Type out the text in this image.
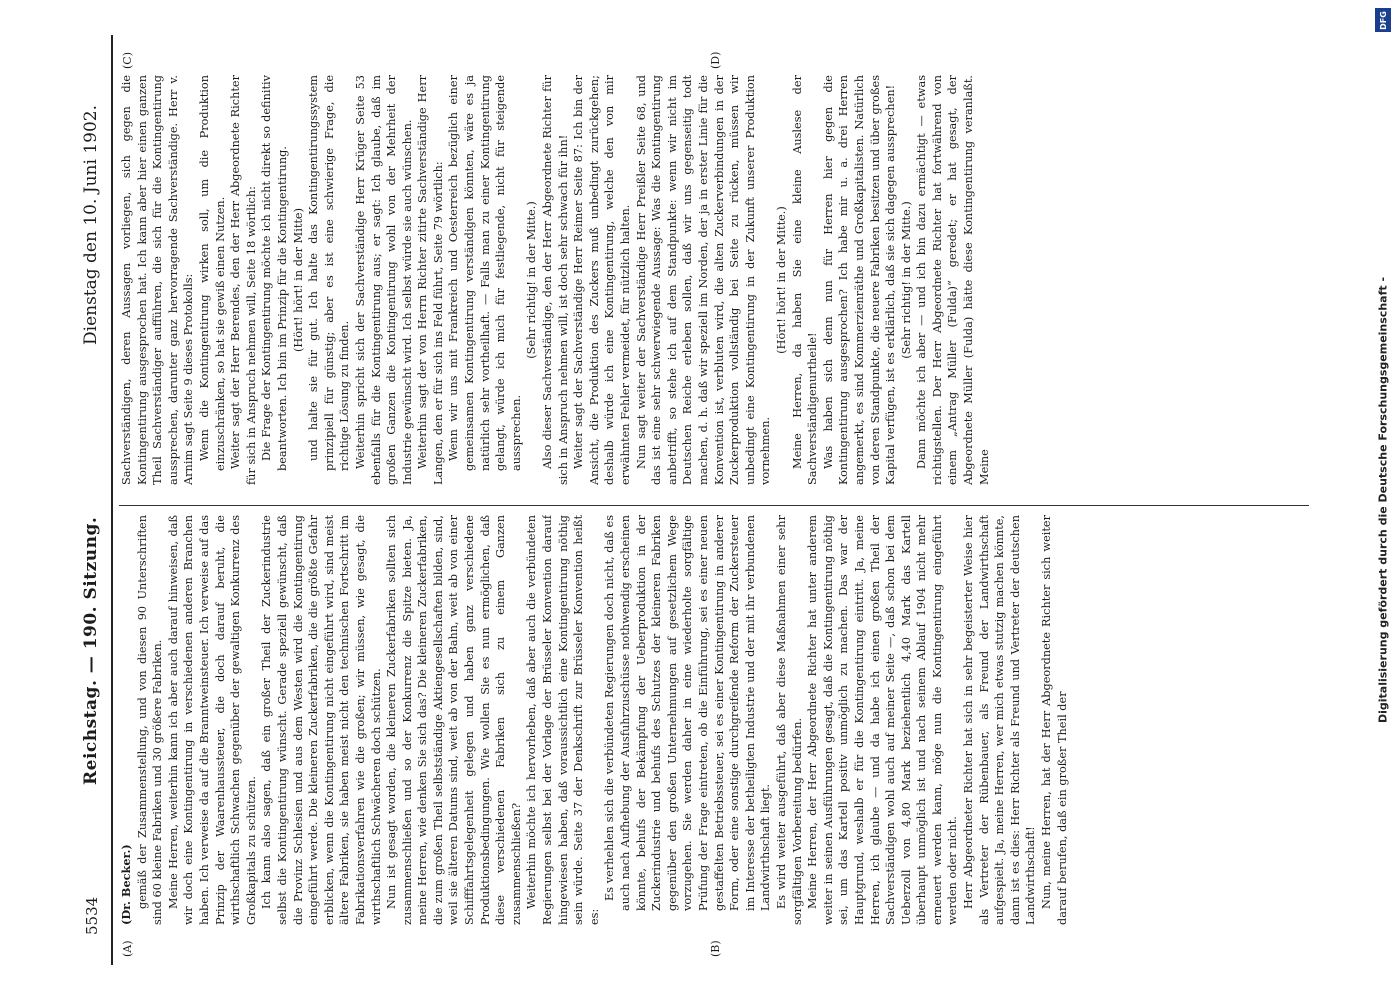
5534
Reichstag. — 190. Sitzung.
Dienstag den 10. Juni 1902.
(A)	(B)
(C)	(D)

(Dr. Becker.) gemäß der Zusammenstellung, und von diesen 90 Unterschriften sind 60 kleine Fabriken und 30 größere Fabriken. Meine Herren, weiterhin kann ich aber auch darauf hinweisen, daß wir doch eine Kontingentirung in verschiedenen anderen Branchen haben. Ich verweise da auf die Branntweinsteuer. Ich verweise auf das Prinzip der Waarenhaussteuer, die doch darauf beruht, die wirthschaftlich Schwachen gegenüber der gewaltigen Konkurrenz des Großkapitals zu schützen. Ich kann also sagen, daß ein großer Theil der Zuckerindustrie selbst die Kontingentirung wünscht. Gerade speziell gewünscht, daß die Provinz Schlesien und aus dem Westen wird die Kontingentirung eingeführt werde. Die kleineren Zuckerfabriken, die die größte Gefahr erblicken, wenn die Kontingentirung nicht eingeführt wird, sind meist ältere Fabriken, sie haben meist nicht den technischen Fortschritt im Fabrikationsverfahren wie die großen; wir müssen, wie gesagt, die wirthschaftlich Schwächeren doch schützen. Nun ist gesagt worden, die kleineren Zuckerfabriken sollten sich zusammenschließen und so der Konkurrenz die Spitze bieten. Ja, meine Herren, wie denken Sie sich das? Die kleineren Zuckerfabriken, die zum großen Theil selbstständige Aktiengesellschaften bilden, sind, weil sie älteren Datums sind, weit ab von der Bahn, weit ab von einer Schifffahrtsgelegenheit gelegen und haben ganz verschiedene Produktionsbedingungen. Wie wollen Sie es nun ermöglichen, daß diese verschiedenen Fabriken sich zu einem Ganzen zusammenschließen? Weiterhin möchte ich hervorheben, daß aber auch die verbündeten Regierungen selbst bei der Vorlage der Brüsseler Konvention darauf hingewiesen haben, daß voraussichtlich eine Kontingentirung nöthig sein würde. Seite 37 der Denkschrift zur Brüsseler Konvention heißt es:

Es verhehlen sich die verbündeten Regierungen doch nicht, daß es auch nach Aufhebung der Ausfuhrzuschüsse nothwendig erscheinen könnte, behufs der Bekämpfung der Ueberproduktion in der Zuckerindustrie und behufs des Schutzes der kleineren Fabriken gegenüber den großen Unternehmungen auf gesetzlichem Wege vorzugehen. Sie werden daher in eine wiederholte sorgfältige Prüfung der Frage eintreten, ob die Einführung, sei es einer neuen gestaffelten Betriebssteuer, sei es einer Kontingentirung in anderer Form, oder eine sonstige durchgreifende Reform der Zuckersteuer im Interesse der betheiligten Industrie und der mit ihr verbundenen Landwirthschaft liegt. Es wird weiter ausgeführt, daß aber diese Maßnahmen einer sehr sorgfältigen Vorbereitung bedürfen. Meine Herren, der Herr Abgeordnete Richter hat unter anderem weiter in seinen Ausführungen gesagt, daß die Kontingentirung nöthig sei, um das Kartell positiv unmöglich zu machen. Das war der Hauptgrund, weshalb er für die Kontingentirung eintritt. Ja, meine Herren, ich glaube — und da habe ich einen großen Theil der Sachverständigen wohl auch auf meiner Seite —, daß schon bei dem Ueberzoll von 4,80 Mark beziehentlich 4,40 Mark das Kartell überhaupt unmöglich ist und nach seinem Ablauf 1904 nicht mehr erneuert werden kann, möge nun die Kontingentirung eingeführt werden oder nicht. Herr Abgeordneter Richter hat sich in sehr begeisterter Weise hier als Vertreter der Rübenbauer, als Freund der Landwirthschaft aufgespielt. Ja, meine Herren, wer mich etwas stutzig machen könnte, dann ist es dies: Herr Richter als Freund und Vertreter der deutschen Landwirthschaft! Nun, meine Herren, hat der Herr Abgeordnete Richter sich weiter darauf berufen, daß ein großer Theil der

Sachverständigen, deren Aussagen vorliegen, sich gegen die Kontingentirung ausgesprochen hat. Ich kann aber hier einen ganzen Theil Sachverständiger aufführen, die sich für die Kontingentirung aussprechen, darunter ganz hervorragende Sachverständige. Herr v. Arnim sagt Seite 9 dieses Protokolls: Wenn die Kontingentirung wirken soll, um die Produktion einzuschränken, so hat sie gewiß einen Nutzen. Weiter sagt der Herr Berendes, den der Herr Abgeordnete Richter für sich in Anspruch nehmen will, Seite 18 wörtlich: Die Frage der Kontingentirung möchte ich nicht direkt so definitiv beantworten. Ich bin im Prinzip für die Kontingentirung. (Hört! hört! in der Mitte) und halte sie für gut. Ich halte das Kontingentirungssystem prinzipiell für günstig; aber es ist eine schwierige Frage, die richtige Lösung zu finden. Weiterhin spricht sich der Sachverständige Herr Krüger Seite 53 ebenfalls für die Kontingentirung aus; er sagt: Ich glaube, daß im großen Ganzen die Kontingentirung wohl von der Mehrheit der Industrie gewünscht wird. Ich selbst würde sie auch wünschen. Weiterhin sagt der von Herrn Richter zitirte Sachverständige Herr Langen, den er für sich ins Feld führt, Seite 79 wörtlich: Wenn wir uns mit Frankreich und Oesterreich bezüglich einer gemeinsamen Kontingentirung verständigen könnten, wäre es ja natürlich sehr vortheilhaft. — Falls man zu einer Kontingentirung gelangt, würde ich mich für festliegende, nicht für steigende aussprechen.

(Sehr richtig! in der Mitte.) Also dieser Sachverständige, den der Herr Abgeordnete Richter für sich in Anspruch nehmen will, ist doch sehr schwach für ihn! Weiter sagt der Sachverständige Herr Reimer Seite 87: Ich bin der Ansicht, die Produktion des Zuckers muß unbedingt zurückgehen; deshalb würde ich eine Kontingentirung, welche den von mir erwähnten Fehler vermeidet, für nützlich halten. Nun sagt weiter der Sachverständige Herr Preißler Seite 68, und das ist eine sehr schwerwiegende Aussage: Was die Kontingentirung anbetrifft, so stehe ich auf dem Standpunkte: wenn wir nicht im Deutschen Reiche erleben sollen, daß wir uns gegenseitig todt machen, d. h. daß wir speziell im Norden, der ja in erster Linie für die Konvention ist, verbluten wird, die alten Zuckerverbindungen in der Zuckerproduktion vollständig bei Seite zu rücken, müssen wir unbedingt eine Kontingentirung in der Zukunft unserer Produktion vornehmen.

(Hört! hört! in der Mitte.) Meine Herren, da haben Sie eine kleine Auslese der Sachverständigenurtheile! Was haben sich denn nun für Herren hier gegen die Kontingentirung ausgesprochen? Ich habe mir u. a. drei Herren angemerkt, es sind Kommerzienräthe und Großkapitalisten. Natürlich von deren Standpunkte, die neuere Fabriken besitzen und über großes Kapital verfügen, ist es erklärlich, daß sie sich dagegen aussprechen! (Sehr richtig! in der Mitte.) Dann möchte ich aber — und ich bin dazu ermächtigt — etwas richtigstellen. Der Herr Abgeordnete Richter hat fortwährend von einem „Antrag Müller (Fulda)“ geredet; er hat gesagt, der Abgeordnete Müller (Fulda) hätte diese Kontingentirung veranlaßt. Meine

DFG
Digitalisierung gefördert durch die Deutsche Forschungsgemeinschaft -
